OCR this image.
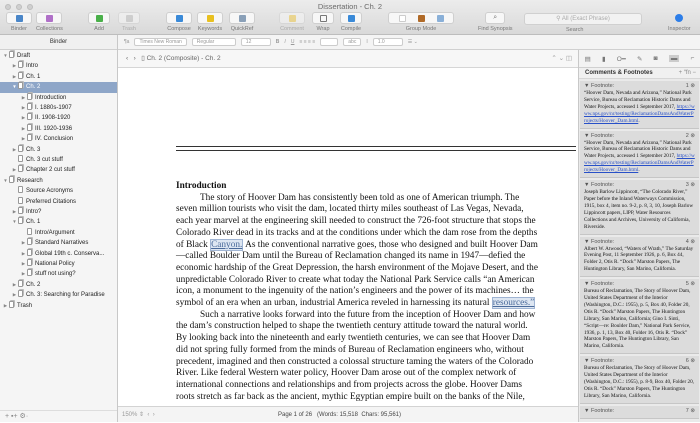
Dissertation - Ch. 2
Binder Collections	Add	Trash	Compose Keywords QuickRef	Comment Wrap Compile	Group Mode
⌕
Find Synopsis
⚲ All (Exact Phrase)
Search	Inspector
¶a	Times New Roman	Regular	12	B I U ≡ ≡ ≡ ≡	abc	I	1.0	☰ ⌄
Binder
▼ Draft
▶ Intro
▶ Ch. 1
▼ Ch. 2
▶ Introduction
▶ I. 1880s-1907
▶ II. 1908-1920
▶ III. 1920-1936
▶ IV. Conclusion
▶ Ch. 3
Ch. 3 cut stuff
▶ Chapter 2 cut stuff
▼ Research
Source Acronyms
Preferred Citations
▶ Intro?
▼ Ch. 1
Intro/Argument
▶ Standard Narratives
▶ Global 19th c. Conserva...
▶ National Policy
▶ stuff not using?
▶ Ch. 2
▶ Ch. 3: Searching for Paradise
▶ Trash
+ ▪+ ⚙·
‹ › ▯ Ch. 2 (Composite) - Ch. 2	⌃ ⌄ ◫
Introduction
The story of Hoover Dam has consistently been told as one of American triumph. The
seven million tourists who visit the dam, located thirty miles southeast of Las Vegas, Nevada,
each year marvel at the engineering skill needed to construct the 726-foot structure that stops the
Colorado River dead in its tracks and at the conditions under which the dam rose from the depths
of Black Canyon. As the conventional narrative goes, those who designed and built Hoover Dam
—called Boulder Dam until the Bureau of Reclamation changed its name in 1947—defied the
economic hardship of the Great Depression, the harsh environment of the Mojave Desert, and the
unpredictable Colorado River to create what today the National Park Service calls “an American
icon, a monument to the ingenuity of the nation’s engineers and the power of its machines… the
symbol of an era when an urban, industrial America reveled in harnessing its natural resources.”
Such a narrative looks forward into the future from the inception of Hoover Dam and how
the dam’s construction helped to shape the twentieth century attitude toward the natural world.
By looking back into the nineteenth and early twentieth centuries, we can see that Hoover Dam
did not spring fully formed from the minds of Bureau of Reclamation engineers who, without
precedent, imagined and then constructed a colossal structure taming the waters of the Colorado
River. Like federal Western water policy, Hoover Dam arose out of the complex network of
international connections and relationships and from projects across the globe. Hoover Dams
roots stretch as far back as the ancient, mythic Egyptian empire built on the banks of the Nile,
150% ⇕  ‹  ›	Page 1 of 26 (Words: 15,518 Chars: 95,561)
▤ ▮ O━ ✎ ◙	▬	⌐
Comments & Footnotes	+ “fn −
▼ Footnote:	1 ⊗
“Hoover Dam, Nevada and Arizona,” National Park Service, Bureau of Reclamation Historic Dams and Water Projects, accessed 1 September 2017, https://www.nps.gov/nr/testing/ReclamationDamsAndWaterProjects/Hoover_Dam.html.
▼ Footnote:	2 ⊗
“Hoover Dam, Nevada and Arizona,” National Park Service, Bureau of Reclamation Historic Dams and Water Projects, accessed 1 September 2017, https://www.nps.gov/nr/testing/ReclamationDamsAndWaterProjects/Hoover_Dam.html.
▼ Footnote:	3 ⊗
Joseph Barlow Lippincott, “The Colorado River,” Paper before the Inland Waterways Commission, 1915, box 4, item no. 9-2, p. 8, 3, 10, Joseph Barlow Lippincott papers, LIPP, Water Resources Collections and Archives, University of California, Riverside.
▼ Footnote:	4 ⊗
Albert W. Atwood, “Waters of Wrath,” The Saturday Evening Post, 11 September 1926, p. 6, Box 44, Folder 2, Otis R. “Dock” Marston Papers, The Huntington Library, San Marino, California.
▼ Footnote:	5 ⊗
Bureau of Reclamation, The Story of Hoover Dam, United States Department of the Interior (Washington, D.C.: 1955), p. 5, Box 40, Folder 20, Otis R. “Dock” Marston Papers, The Huntington Library, San Marino, California; Gino I. Sinti, “Script—re: Boulder Dam,” National Park Service, 1936, p. 1, 13, Box 40, Folder 16, Otis R. “Dock” Marston Papers, The Huntington Library, San Marino, California.
▼ Footnote:	6 ⊗
Bureau of Reclamation, The Story of Hoover Dam, United States Department of the Interior (Washington, D.C.: 1955), p. 8-9, Box 40, Folder 20, Otis R. “Dock” Marston Papers, The Huntington Library, San Marino, California.
▼ Footnote:	7 ⊗
